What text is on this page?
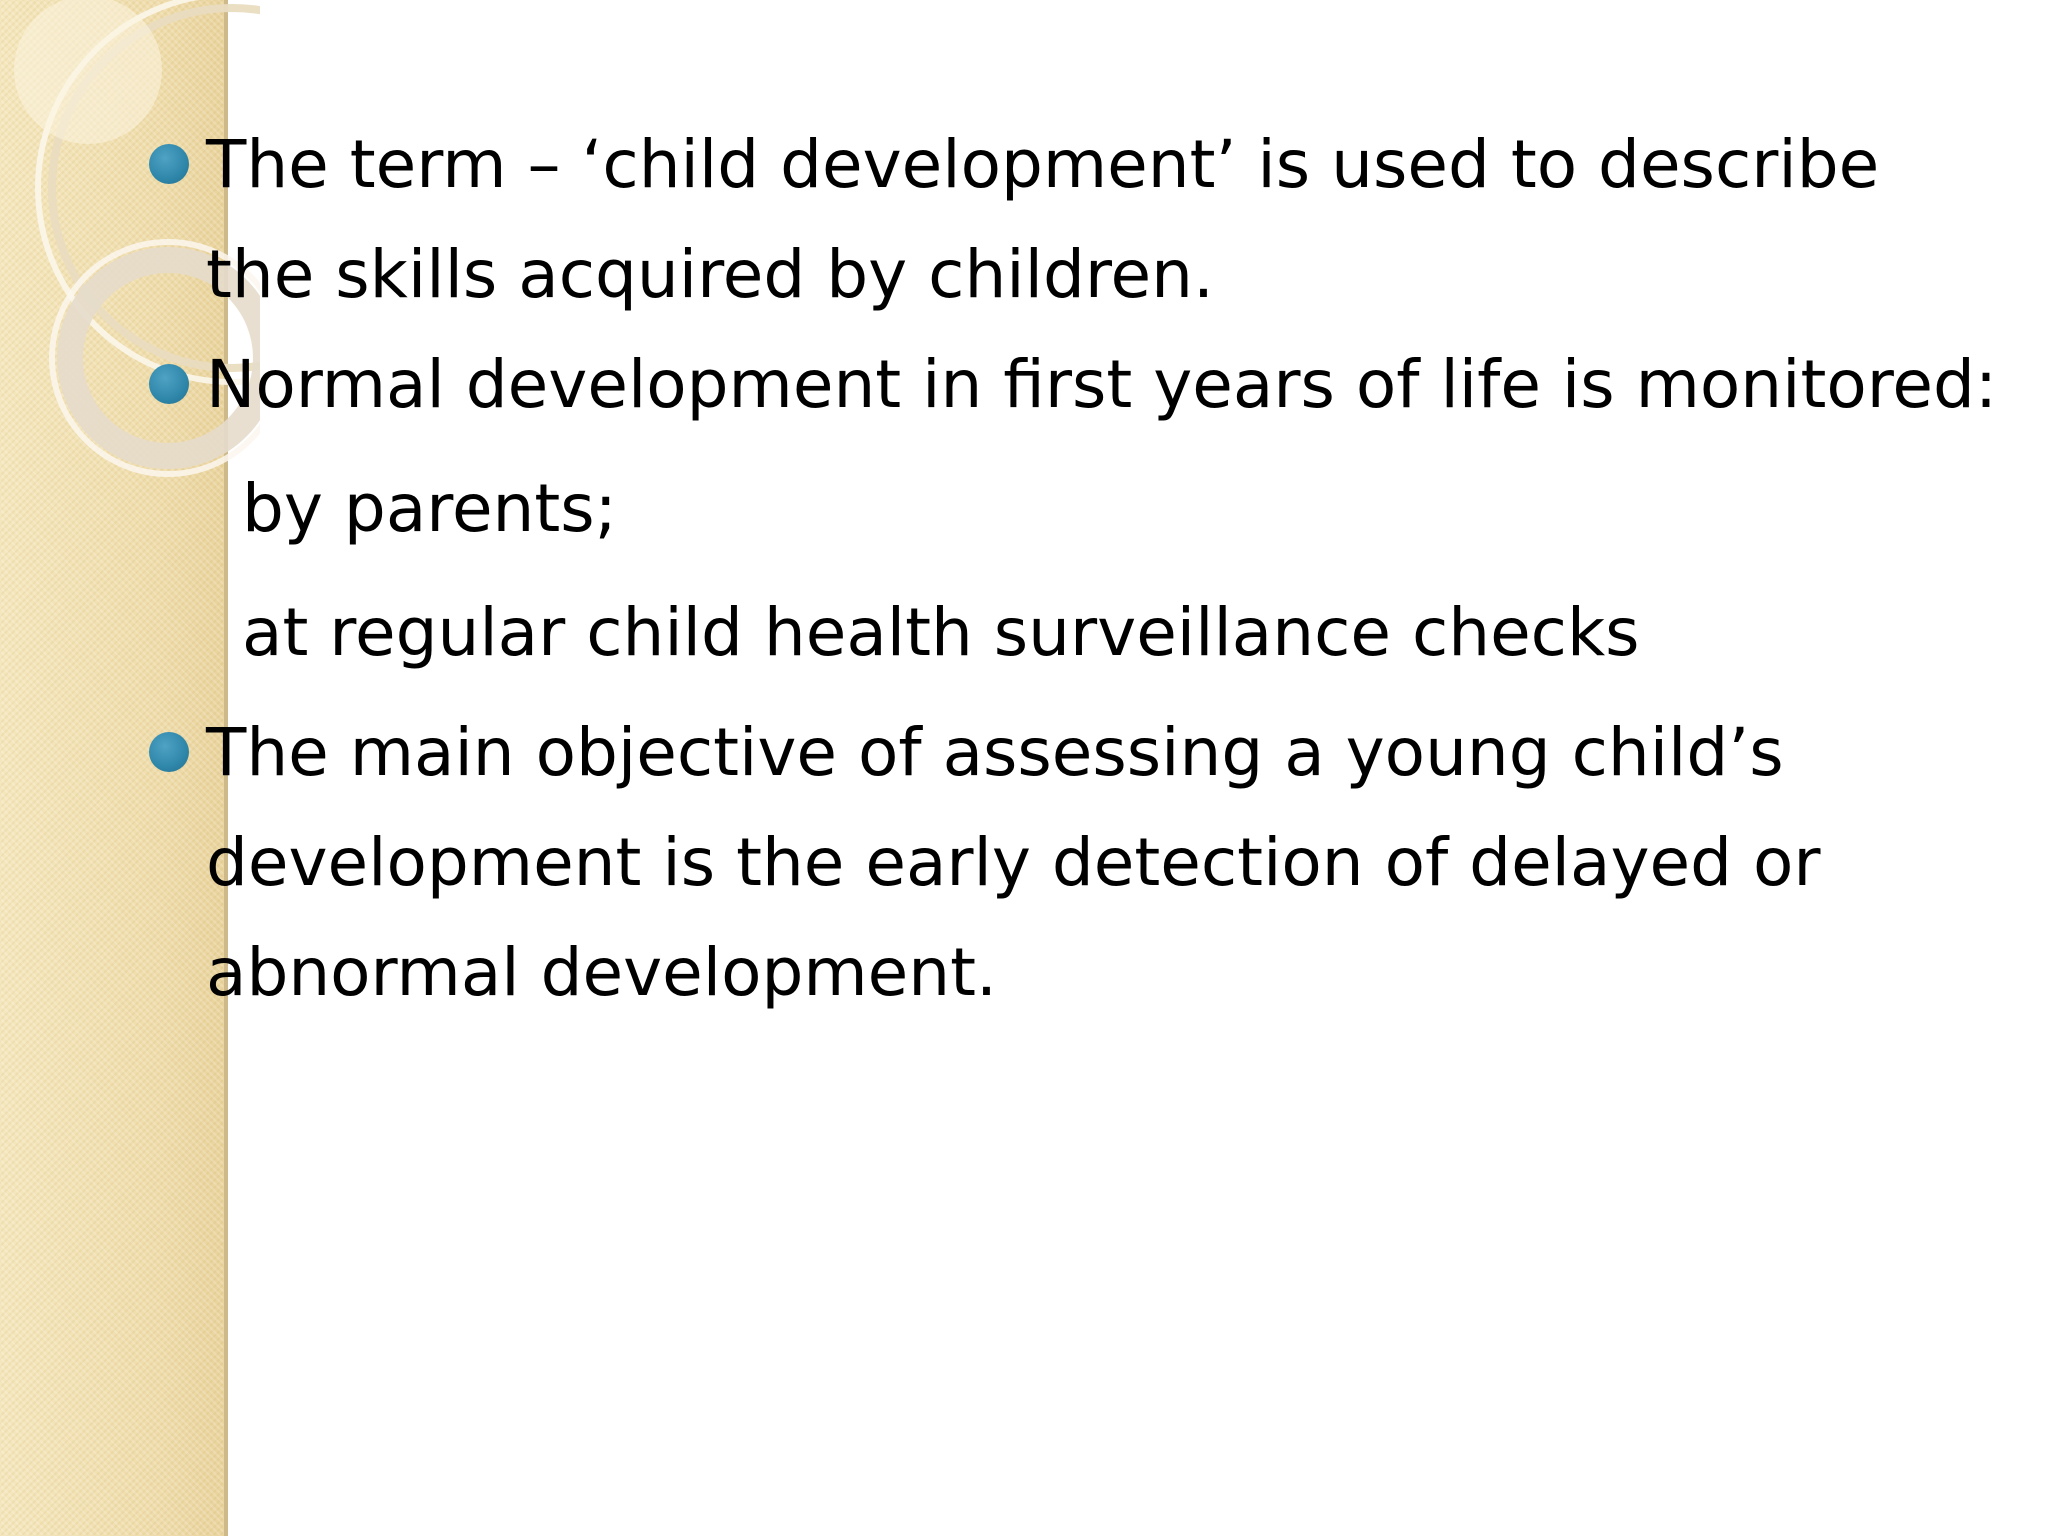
The term – ‘child development’ is used to describe the skills acquired by children.

Normal development in first years of life is monitored:

by parents;

at regular child health surveillance checks

The main objective of assessing a young child’s development is the early detection of delayed or abnormal development.
